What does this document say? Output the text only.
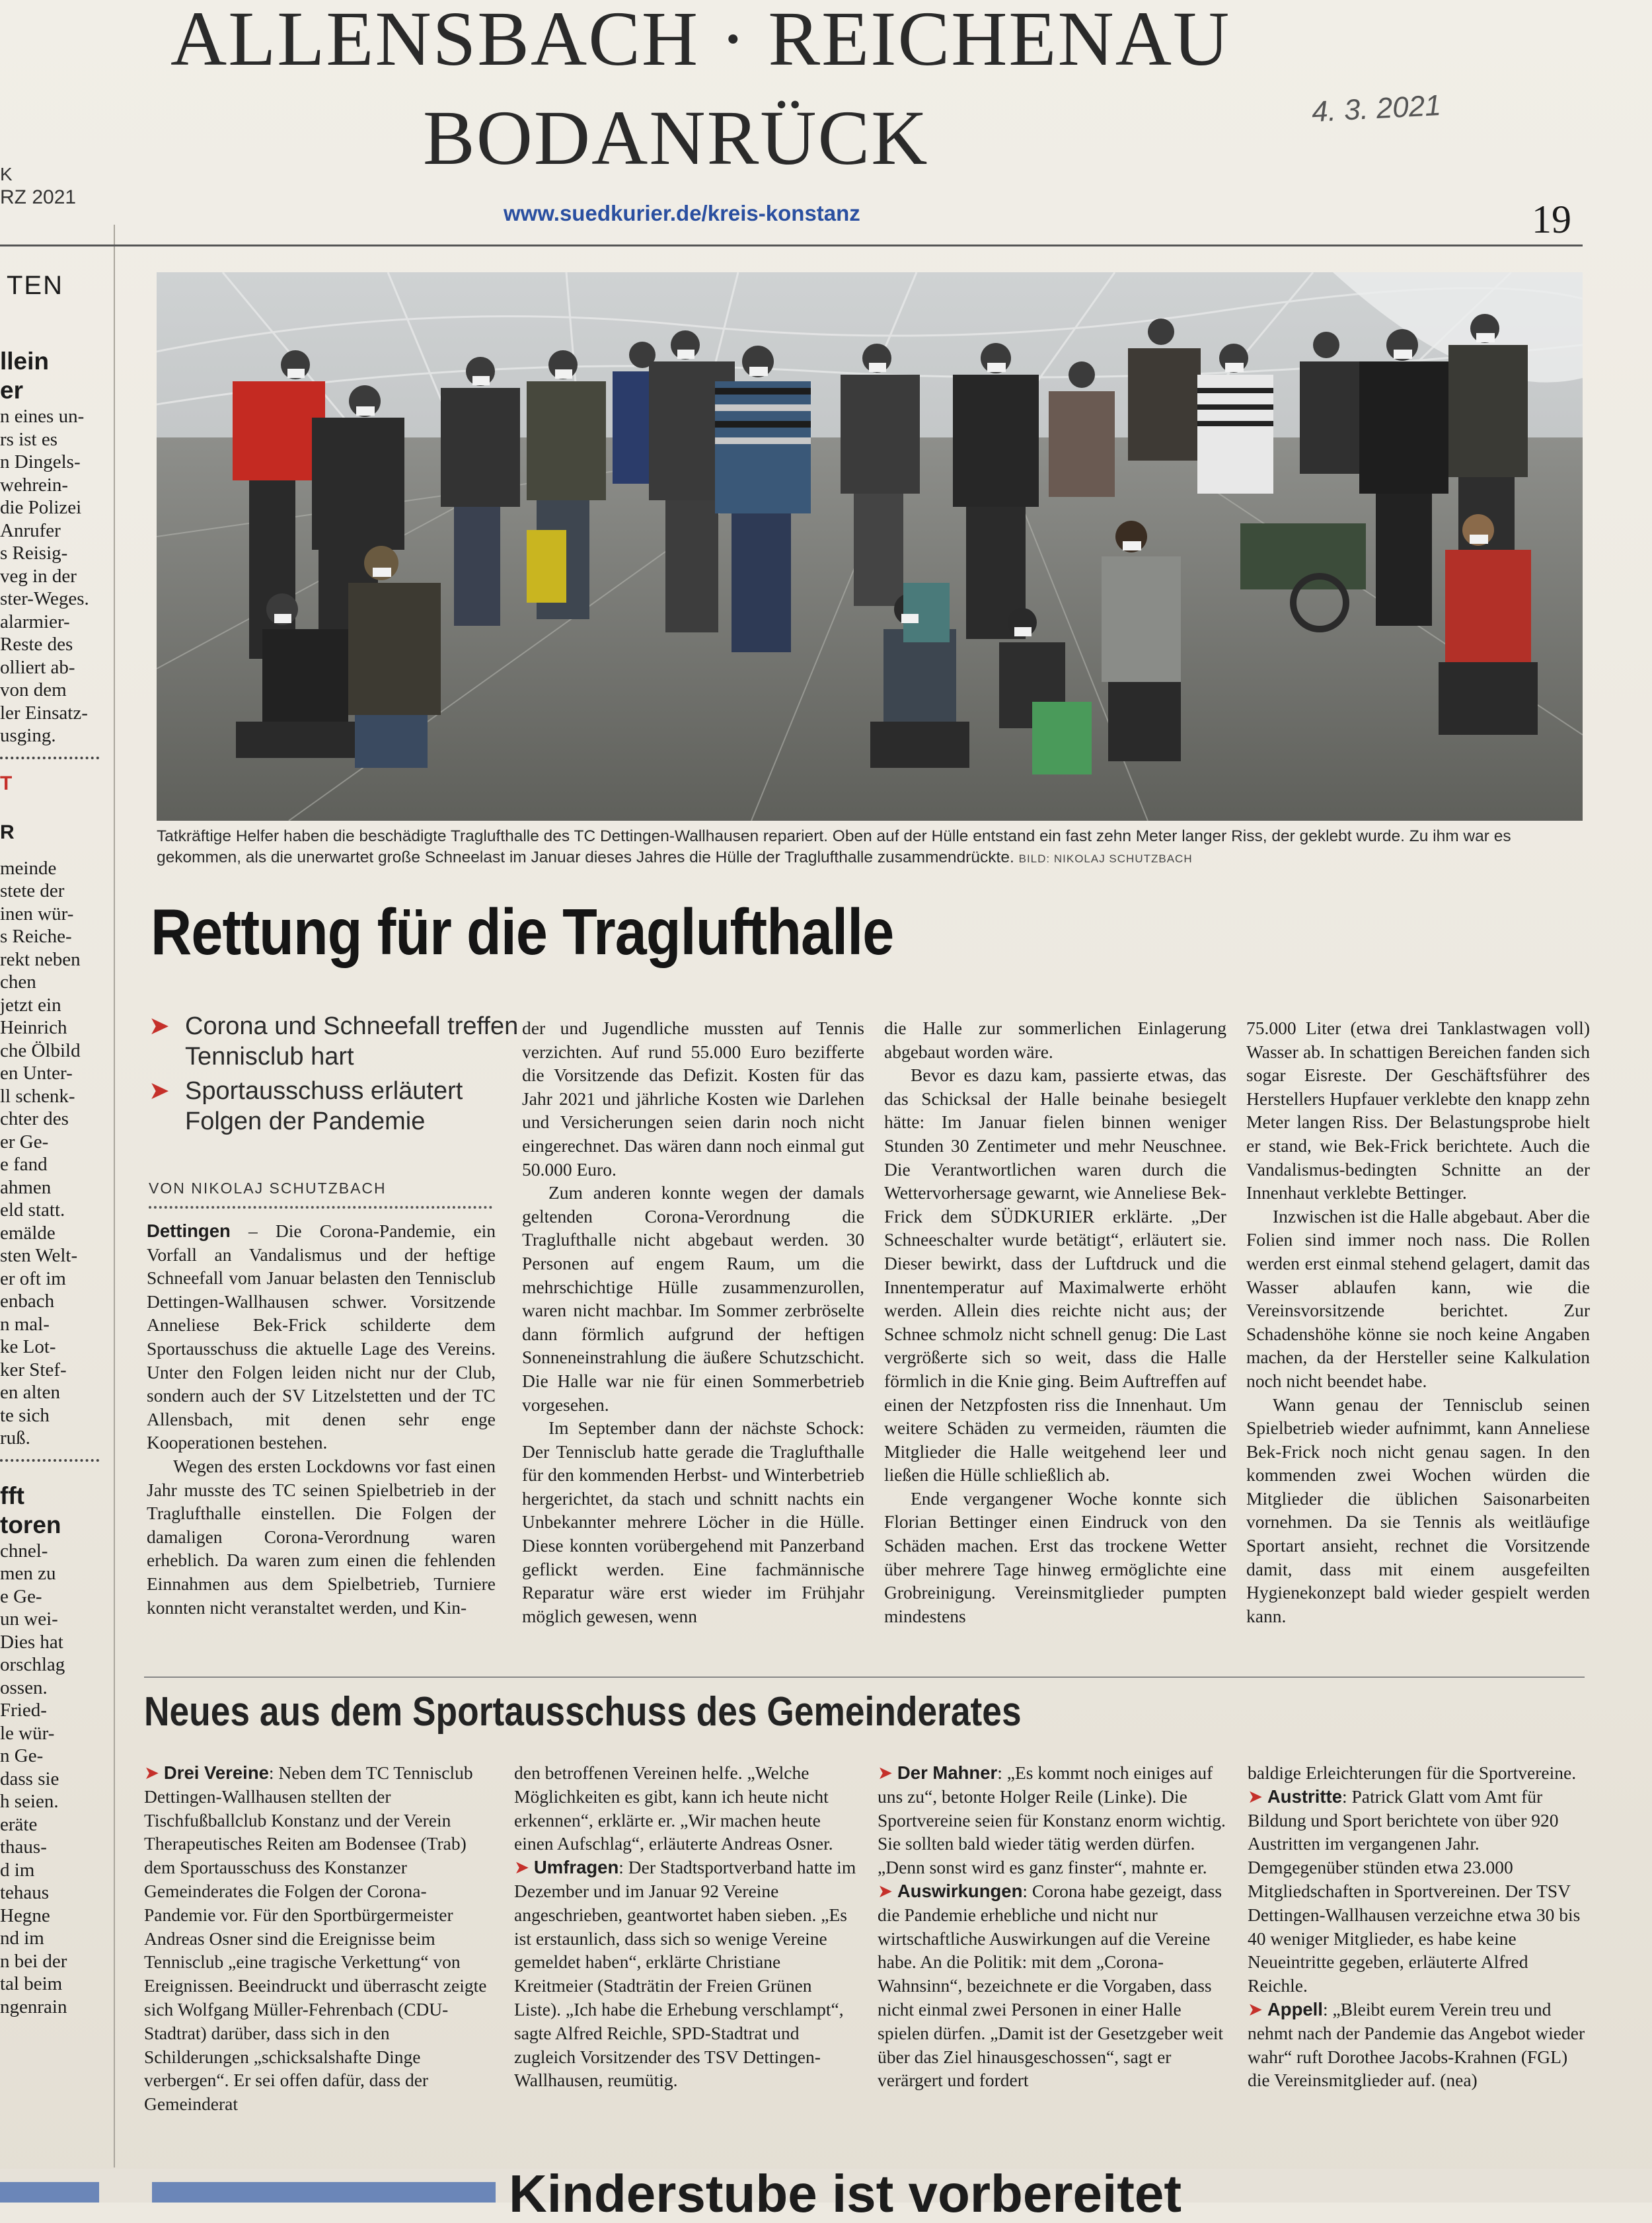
TEN

llein

er

n eines un-

rs ist es

n Dingels-

wehrein-

die Polizei

Anrufer

s Reisig-

veg in der

ster-Weges.

alarmier-

Reste des

olliert ab-

von dem

ler Einsatz-

usging.

T
R

meinde

stete der

inen wür-

s Reiche-

rekt neben

chen

jetzt ein

Heinrich

che Ölbild

en Unter-

ll schenk-

chter des

er Ge-

e fand

ahmen

eld statt.

emälde

sten Welt-

er oft im

enbach

n mal-

ke Lot-

ker Stef-

en alten

te sich

ruß.

fft

toren

chnel-

men zu

e Ge-

un wei-

Dies hat

orschlag

ossen.

Fried-

le wür-

n Ge-

dass sie

h seien.

eräte

thaus-

d im

tehaus

Hegne

nd im

n bei der

tal beim

ngenrain

ALLENSBACH · REICHENAU
BODANRÜCK	4. 3. 2021
K
RZ 2021
www.suedkurier.de/kreis-konstanz	19
Tatkräftige Helfer haben die beschädigte Traglufthalle des TC Dettingen-Wallhausen repariert. Oben auf der Hülle entstand ein fast zehn Meter langer Riss, der geklebt wurde. Zu ihm war es gekommen, als die unerwartet große Schneelast im Januar dieses Jahres die Hülle der Traglufthalle zusammendrückte. BILD: NIKOLAJ SCHUTZBACH
Rettung für die Traglufthalle
➤ Corona und Schneefall treffen Tennisclub hart
➤ Sportausschuss erläutert Folgen der Pandemie
VON NIKOLAJ SCHUTZBACH

Dettingen – Die Corona-Pandemie, ein Vorfall an Vandalismus und der heftige Schneefall vom Januar belasten den Tennisclub Dettingen-Wallhausen schwer. Vorsitzende Anneliese Bek-Frick schilderte dem Sportausschuss die aktuelle Lage des Vereins. Unter den Folgen leiden nicht nur der Club, sondern auch der SV Litzelstetten und der TC Allensbach, mit denen sehr enge Kooperationen bestehen.

Wegen des ersten Lockdowns vor fast einen Jahr musste des TC seinen Spielbetrieb in der Traglufthalle einstellen. Die Folgen der damaligen Corona-Verordnung waren erheblich. Da waren zum einen die fehlenden Einnahmen aus dem Spielbetrieb, Turniere konnten nicht veranstaltet werden, und Kin-

der und Jugendliche mussten auf Tennis verzichten. Auf rund 55.000 Euro bezifferte die Vorsitzende das Defizit. Kosten für das Jahr 2021 und jährliche Kosten wie Darlehen und Versicherungen seien darin noch nicht eingerechnet. Das wären dann noch einmal gut 50.000 Euro.

Zum anderen konnte wegen der damals geltenden Corona-Verordnung die Traglufthalle nicht abgebaut werden. 30 Personen auf engem Raum, um die mehrschichtige Hülle zusammenzurollen, waren nicht machbar. Im Sommer zerbröselte dann förmlich aufgrund der heftigen Sonneneinstrahlung die äußere Schutzschicht. Die Halle war nie für einen Sommerbetrieb vorgesehen.

Im September dann der nächste Schock: Der Tennisclub hatte gerade die Traglufthalle für den kommenden Herbst- und Winterbetrieb hergerichtet, da stach und schnitt nachts ein Unbekannter mehrere Löcher in die Hülle. Diese konnten vorübergehend mit Panzerband geflickt werden. Eine fachmännische Reparatur wäre erst wieder im Frühjahr möglich gewesen, wenn

die Halle zur sommerlichen Einlagerung abgebaut worden wäre.

Bevor es dazu kam, passierte etwas, das das Schicksal der Halle beinahe besiegelt hätte: Im Januar fielen binnen weniger Stunden 30 Zentimeter und mehr Neuschnee. Die Verantwortlichen waren durch die Wettervorhersage gewarnt, wie Anneliese Bek-Frick dem SÜDKURIER erklärte. „Der Schneeschalter wurde betätigt“, erläutert sie. Dieser bewirkt, dass der Luftdruck und die Innentemperatur auf Maximalwerte erhöht werden. Allein dies reichte nicht aus; der Schnee schmolz nicht schnell genug: Die Last vergrößerte sich so weit, dass die Halle förmlich in die Knie ging. Beim Auftreffen auf einen der Netzpfosten riss die Innenhaut. Um weitere Schäden zu vermeiden, räumten die Mitglieder die Halle weitgehend leer und ließen die Hülle schließlich ab.

Ende vergangener Woche konnte sich Florian Bettinger einen Eindruck von den Schäden machen. Erst das trockene Wetter über mehrere Tage hinweg ermöglichte eine Grobreinigung. Vereinsmitglieder pumpten mindestens

75.000 Liter (etwa drei Tanklastwagen voll) Wasser ab. In schattigen Bereichen fanden sich sogar Eisreste. Der Geschäftsführer des Herstellers Hupfauer verklebte den knapp zehn Meter langen Riss. Der Belastungsprobe hielt er stand, wie Bek-Frick berichtete. Auch die Vandalismus-bedingten Schnitte an der Innenhaut verklebte Bettinger.

Inzwischen ist die Halle abgebaut. Aber die Folien sind immer noch nass. Die Rollen werden erst einmal stehend gelagert, damit das Wasser ablaufen kann, wie die Vereinsvorsitzende berichtet. Zur Schadenshöhe könne sie noch keine Angaben machen, da der Hersteller seine Kalkulation noch nicht beendet habe.

Wann genau der Tennisclub seinen Spielbetrieb wieder aufnimmt, kann Anneliese Bek-Frick noch nicht genau sagen. In den kommenden zwei Wochen würden die Mitglieder die üblichen Saisonarbeiten vornehmen. Da sie Tennis als weitläufige Sportart ansieht, rechnet die Vorsitzende damit, dass mit einem ausgefeilten Hygienekonzept bald wieder gespielt werden kann.

Neues aus dem Sportausschuss des Gemeinderates

➤ Drei Vereine: Neben dem TC Tennisclub Dettingen-Wallhausen stellten der Tischfußballclub Konstanz und der Verein Therapeutisches Reiten am Bodensee (Trab) dem Sportausschuss des Konstanzer Gemeinderates die Folgen der Corona-Pandemie vor. Für den Sportbürgermeister Andreas Osner sind die Ereignisse beim Tennisclub „eine tragische Verkettung“ von Ereignissen. Beeindruckt und überrascht zeigte sich Wolfgang Müller-Fehrenbach (CDU-Stadtrat) darüber, dass sich in den Schilderungen „schicksalshafte Dinge verbergen“. Er sei offen dafür, dass der Gemeinderat

den betroffenen Vereinen helfe. „Welche Möglichkeiten es gibt, kann ich heute nicht erkennen“, erklärte er. „Wir machen heute einen Aufschlag“, erläuterte Andreas Osner.

➤ Umfragen: Der Stadtsportverband hatte im Dezember und im Januar 92 Vereine angeschrieben, geantwortet haben sieben. „Es ist erstaunlich, dass sich so wenige Vereine gemeldet haben“, erklärte Christiane Kreitmeier (Stadträtin der Freien Grünen Liste). „Ich habe die Erhebung verschlampt“, sagte Alfred Reichle, SPD-Stadtrat und zugleich Vorsitzender des TSV Dettingen-Wallhausen, reumütig.

➤ Der Mahner: „Es kommt noch einiges auf uns zu“, betonte Holger Reile (Linke). Die Sportvereine seien für Konstanz enorm wichtig. Sie sollten bald wieder tätig werden dürfen. „Denn sonst wird es ganz finster“, mahnte er.

➤ Auswirkungen: Corona habe gezeigt, dass die Pandemie erhebliche und nicht nur wirtschaftliche Auswirkungen auf die Vereine habe. An die Politik: mit dem „Corona-Wahnsinn“, bezeichnete er die Vorgaben, dass nicht einmal zwei Personen in einer Halle spielen dürfen. „Damit ist der Gesetzgeber weit über das Ziel hinausgeschossen“, sagt er verärgert und fordert

baldige Erleichterungen für die Sportvereine.

➤ Austritte: Patrick Glatt vom Amt für Bildung und Sport berichtete von über 920 Austritten im vergangenen Jahr. Demgegenüber stünden etwa 23.000 Mitgliedschaften in Sportvereinen. Der TSV Dettingen-Wallhausen verzeichne etwa 30 bis 40 weniger Mitglieder, es habe keine Neueintritte gegeben, erläuterte Alfred Reichle.

➤ Appell: „Bleibt eurem Verein treu und nehmt nach der Pandemie das Angebot wieder wahr“ ruft Dorothee Jacobs-Krahnen (FGL) die Vereinsmitglieder auf. (nea)

Kinderstube ist vorbereitet
